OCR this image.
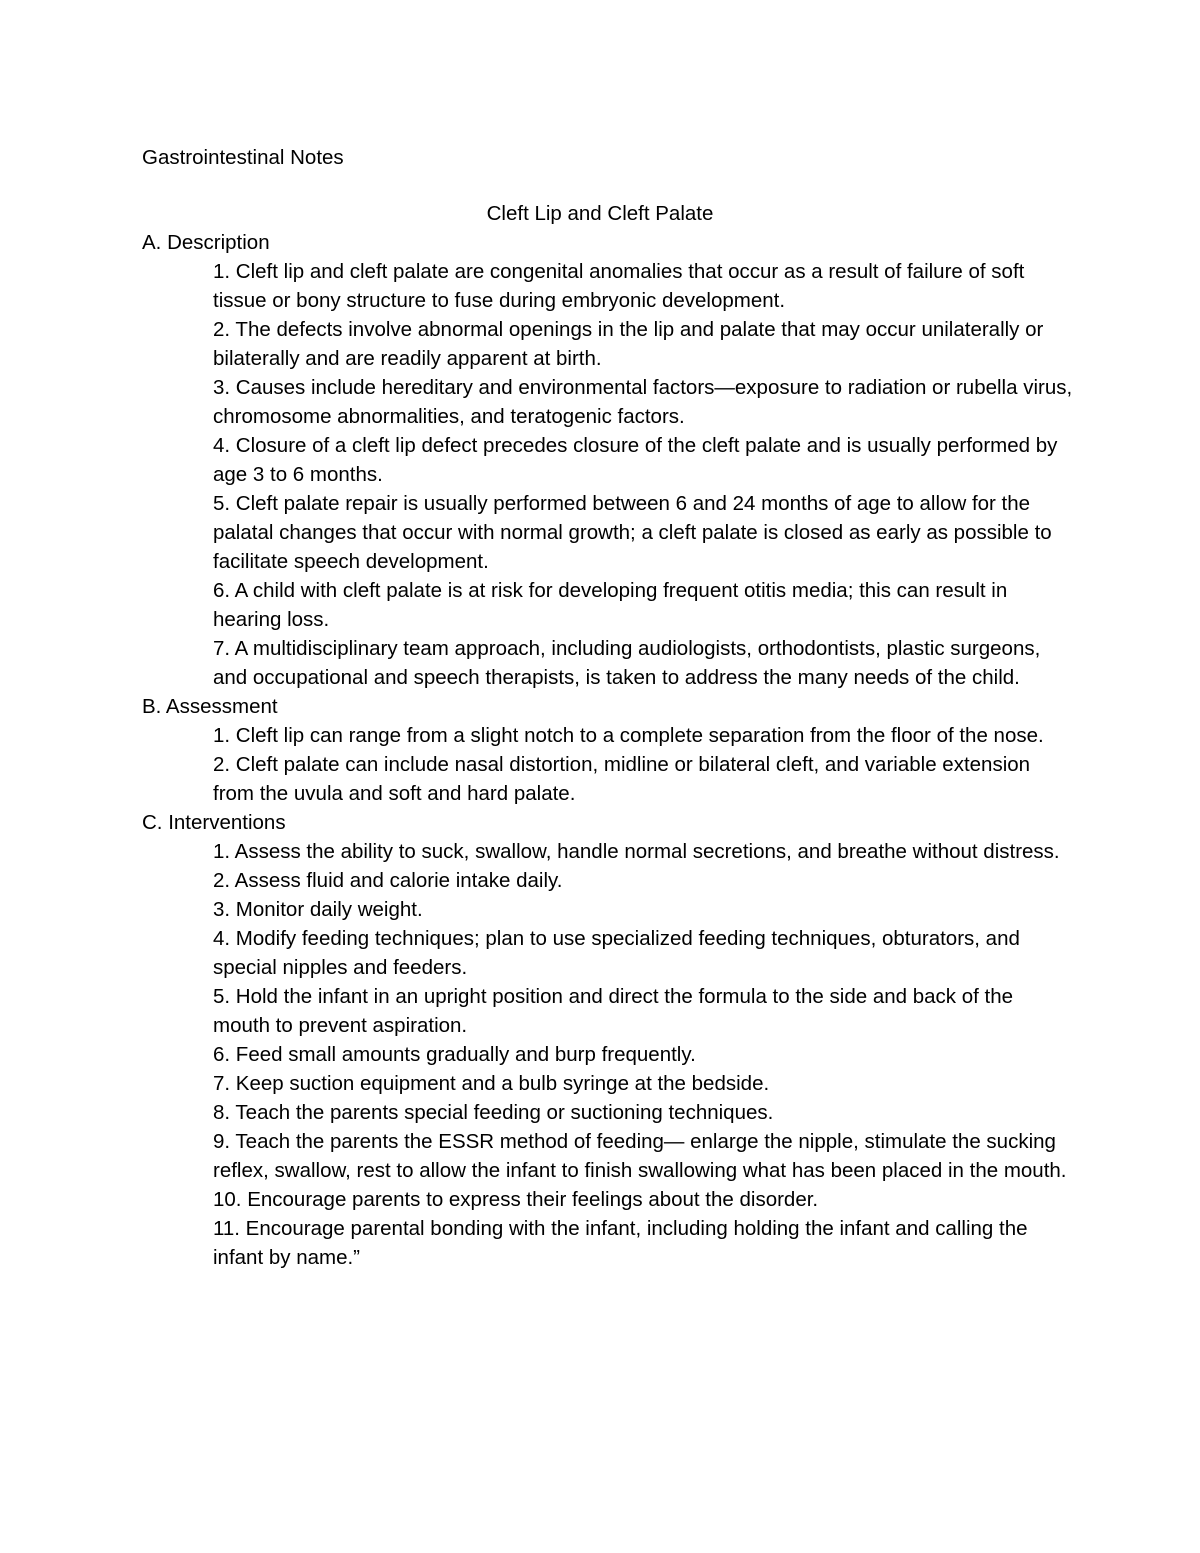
Gastrointestinal Notes
Cleft Lip and Cleft Palate
A. Description
1. Cleft lip and cleft palate are congenital anomalies that occur as a result of failure of soft tissue or bony structure to fuse during embryonic development.
2. The defects involve abnormal openings in the lip and palate that may occur unilaterally or bilaterally and are readily apparent at birth.
3. Causes include hereditary and environmental factors—exposure to radiation or rubella virus, chromosome abnormalities, and teratogenic factors.
4. Closure of a cleft lip defect precedes closure of the cleft palate and is usually performed by age 3 to 6 months.
5. Cleft palate repair is usually performed between 6 and 24 months of age to allow for the palatal changes that occur with normal growth; a cleft palate is closed as early as possible to facilitate speech development.
6. A child with cleft palate is at risk for developing frequent otitis media; this can result in hearing loss.
7. A multidisciplinary team approach, including audiologists, orthodontists, plastic surgeons, and occupational and speech therapists, is taken to address the many needs of the child.
B. Assessment
1. Cleft lip can range from a slight notch to a complete separation from the floor of the nose.
2. Cleft palate can include nasal distortion, midline or bilateral cleft, and variable extension from the uvula and soft and hard palate.
C. Interventions
1. Assess the ability to suck, swallow, handle normal secretions, and breathe without distress.
2. Assess fluid and calorie intake daily.
3. Monitor daily weight.
4. Modify feeding techniques; plan to use specialized feeding techniques, obturators, and special nipples and feeders.
5. Hold the infant in an upright position and direct the formula to the side and back of the mouth to prevent aspiration.
6. Feed small amounts gradually and burp frequently.
7. Keep suction equipment and a bulb syringe at the bedside.
8. Teach the parents special feeding or suctioning techniques.
9. Teach the parents the ESSR method of feeding— enlarge the nipple, stimulate the sucking reflex, swallow, rest to allow the infant to finish swallowing what has been placed in the mouth.
10. Encourage parents to express their feelings about the disorder.
11. Encourage parental bonding with the infant, including holding the infant and calling the infant by name.”
